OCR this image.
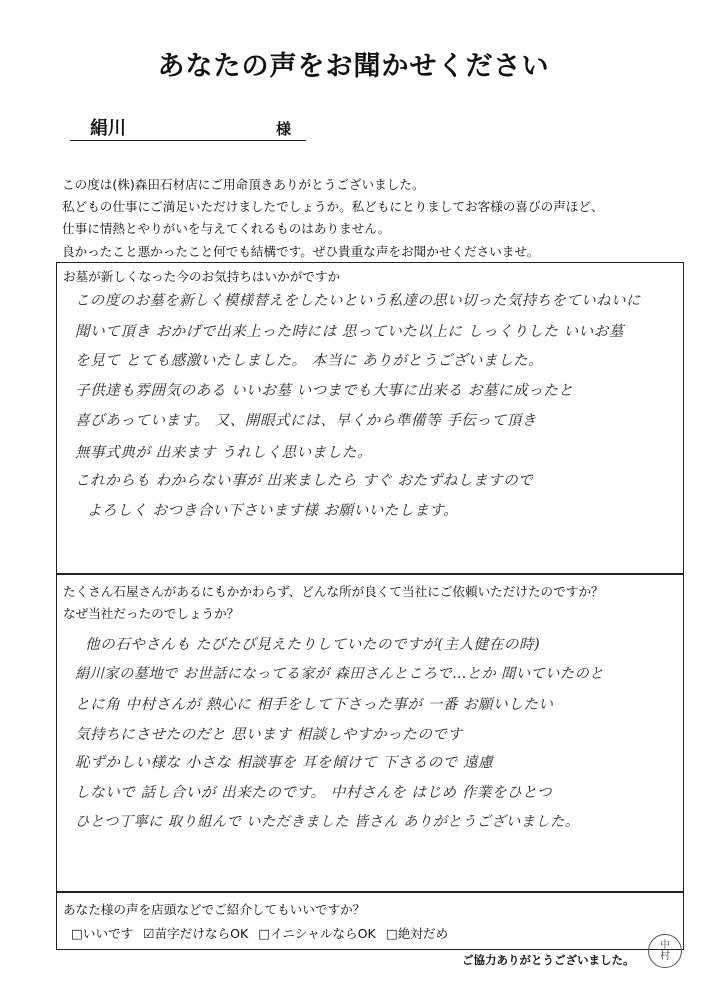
あなたの声をお聞かせください
絹川	様
この度は(株)森田石材店にご用命頂きありがとうございました。
私どもの仕事にご満足いただけましたでしょうか。私どもにとりましてお客様の喜びの声ほど、
仕事に情熱とやりがいを与えてくれるものはありません。
良かったこと悪かったこと何でも結構です。ぜひ貴重な声をお聞かせくださいませ。
お墓が新しくなった今のお気持ちはいかがですか
この度のお墓を新しく模様替えをしたいという私達の思い切った気持ちをていねいに
聞いて頂き おかげで出来上った時には 思っていた以上に しっくりした いいお墓
を見て とても感激いたしました。 本当に ありがとうございました。
子供達も雰囲気のある いいお墓 いつまでも大事に出来る お墓に成ったと
喜びあっています。 又、開眼式には、早くから準備等 手伝って頂き
無事式典が 出来ます うれしく思いました。
これからも わからない事が 出来ましたら すぐ おたずねしますので
よろしく おつき合い下さいます様 お願いいたします。
たくさん石屋さんがあるにもかかわらず、どんな所が良くて当社にご依頼いただけたのですか？
なぜ当社だったのでしょうか？
他の石やさんも たびたび見えたりしていたのですが(主人健在の時)
絹川家の墓地で お世話になってる家が 森田さんところで…とか 聞いていたのと
とに角 中村さんが 熱心に 相手をして下さった事が 一番 お願いしたい
気持ちにさせたのだと 思います 相談しやすかったのです
恥ずかしい様な 小さな 相談事を 耳を傾けて 下さるので 遠慮
しないで 話し合いが 出来たのです。 中村さんを はじめ 作業をひとつ
ひとつ丁寧に 取り組んで いただきました 皆さん ありがとうございました。
あなた様の声を店頭などでご紹介してもいいですか？
□いいです ☑苗字だけならOK □イニシャルならOK □絶対だめ
ご協力ありがとうございました。
中
村
